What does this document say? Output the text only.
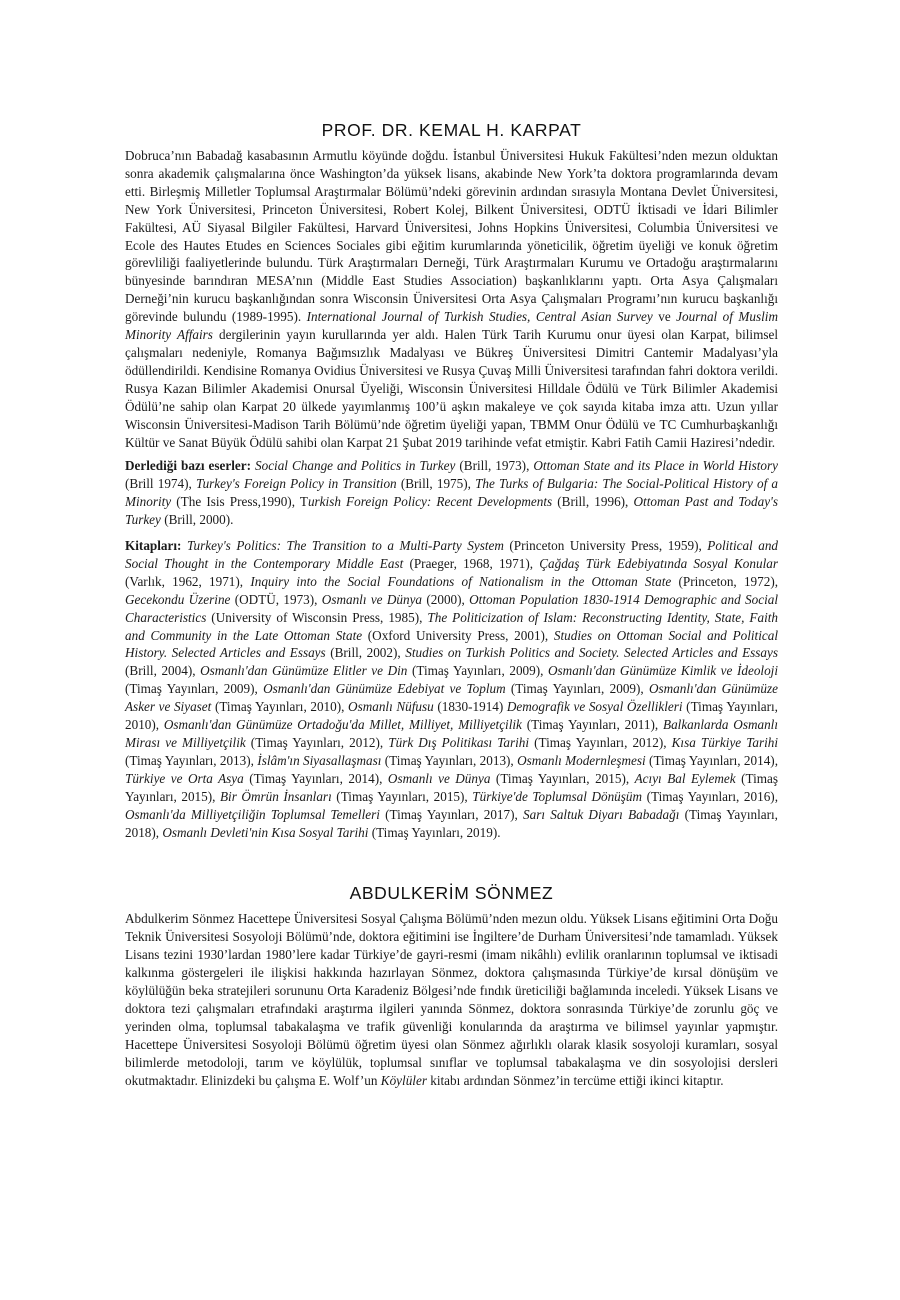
PROF. DR. KEMAL H. KARPAT

Dobruca’nın Babadağ kasabasının Armutlu köyünde doğdu. İstanbul Üniversitesi Hukuk Fakültesi’nden mezun olduktan sonra akademik çalışmalarına önce Washington’da yüksek lisans, akabinde New York’ta doktora programlarında devam etti. Birleşmiş Milletler Toplumsal Araştırmalar Bölümü’ndeki görevinin ardından sırasıyla Montana Devlet Üniversitesi, New York Üniversitesi, Princeton Üniversitesi, Robert Kolej, Bilkent Üniversitesi, ODTÜ İktisadi ve İdari Bilimler Fakültesi, AÜ Siyasal Bilgiler Fakültesi, Harvard Üniversitesi, Johns Hopkins Üniversitesi, Columbia Üniversitesi ve Ecole des Hautes Etudes en Sciences Sociales gibi eğitim kurumlarında yöneticilik, öğretim üyeliği ve konuk öğretim görevliliği faaliyetlerinde bulundu. Türk Araştırmaları Derneği, Türk Araştırmaları Kurumu ve Ortadoğu araştırmalarını bünyesinde barındıran MESA’nın (Middle East Studies Association) başkanlıklarını yaptı. Orta Asya Çalışmaları Derneği’nin kurucu başkanlığından sonra Wisconsin Üniversitesi Orta Asya Çalışmaları Programı’nın kurucu başkanlığı görevinde bulundu (1989-1995). International Journal of Turkish Studies, Central Asian Survey ve Journal of Muslim Minority Affairs dergilerinin yayın kurullarında yer aldı. Halen Türk Tarih Kurumu onur üyesi olan Karpat, bilimsel çalışmaları nedeniyle, Romanya Bağımsızlık Madalyası ve Bükreş Üniversitesi Dimitri Cantemir Madalyası’yla ödüllendirildi. Kendisine Romanya Ovidius Üniversitesi ve Rusya Çuvaş Milli Üniversitesi tarafından fahri doktora verildi. Rusya Kazan Bilimler Akademisi Onursal Üyeliği, Wisconsin Üniversitesi Hilldale Ödülü ve Türk Bilimler Akademisi Ödülü’ne sahip olan Karpat 20 ülkede yayımlanmış 100’ü aşkın makaleye ve çok sayıda kitaba imza attı. Uzun yıllar Wisconsin Üniversitesi-Madison Tarih Bölümü’nde öğretim üyeliği yapan, TBMM Onur Ödülü ve TC Cumhurbaşkanlığı Kültür ve Sanat Büyük Ödülü sahibi olan Karpat 21 Şubat 2019 tarihinde vefat etmiştir. Kabri Fatih Camii Haziresi’ndedir.

Derlediği bazı eserler: Social Change and Politics in Turkey (Brill, 1973), Ottoman State and its Place in World History (Brill 1974), Turkey's Foreign Policy in Transition (Brill, 1975), The Turks of Bulgaria: The Social-Political History of a Minority (The Isis Press,1990), Turkish Foreign Policy: Recent Developments (Brill, 1996), Ottoman Past and Today's Turkey (Brill, 2000).

Kitapları: Turkey's Politics: The Transition to a Multi-Party System (Princeton University Press, 1959), Political and Social Thought in the Contemporary Middle East (Praeger, 1968, 1971), Çağdaş Türk Edebiyatında Sosyal Konular (Varlık, 1962, 1971), Inquiry into the Social Foundations of Nationalism in the Ottoman State (Princeton, 1972), Gecekondu Üzerine (ODTÜ, 1973), Osmanlı ve Dünya (2000), Ottoman Population 1830-1914 Demographic and Social Characteristics (University of Wisconsin Press, 1985), The Politicization of Islam: Reconstructing Identity, State, Faith and Community in the Late Ottoman State (Oxford University Press, 2001), Studies on Ottoman Social and Political History. Selected Articles and Essays (Brill, 2002), Studies on Turkish Politics and Society. Selected Articles and Essays (Brill, 2004), Osmanlı'dan Günümüze Elitler ve Din (Timaş Yayınları, 2009), Osmanlı'dan Günümüze Kimlik ve İdeoloji (Timaş Yayınları, 2009), Osmanlı'dan Günümüze Edebiyat ve Toplum (Timaş Yayınları, 2009), Osmanlı'dan Günümüze Asker ve Siyaset (Timaş Yayınları, 2010), Osmanlı Nüfusu (1830-1914) Demografik ve Sosyal Özellikleri (Timaş Yayınları, 2010), Osmanlı'dan Günümüze Ortadoğu'da Millet, Milliyet, Milliyetçilik (Timaş Yayınları, 2011), Balkanlarda Osmanlı Mirası ve Milliyetçilik (Timaş Yayınları, 2012), Türk Dış Politikası Tarihi (Timaş Yayınları, 2012), Kısa Türkiye Tarihi (Timaş Yayınları, 2013), İslâm'ın Siyasallaşması (Timaş Yayınları, 2013), Osmanlı Modernleşmesi (Timaş Yayınları, 2014), Türkiye ve Orta Asya (Timaş Yayınları, 2014), Osmanlı ve Dünya (Timaş Yayınları, 2015), Acıyı Bal Eylemek (Timaş Yayınları, 2015), Bir Ömrün İnsanları (Timaş Yayınları, 2015), Türkiye'de Toplumsal Dönüşüm (Timaş Yayınları, 2016), Osmanlı'da Milliyetçiliğin Toplumsal Temelleri (Timaş Yayınları, 2017), Sarı Saltuk Diyarı Babadağı (Timaş Yayınları, 2018), Osmanlı Devleti'nin Kısa Sosyal Tarihi (Timaş Yayınları, 2019).

ABDULKERİM SÖNMEZ

Abdulkerim Sönmez Hacettepe Üniversitesi Sosyal Çalışma Bölümü’nden mezun oldu. Yüksek Lisans eğitimini Orta Doğu Teknik Üniversitesi Sosyoloji Bölümü’nde, doktora eğitimini ise İngiltere’de Durham Üniversitesi’nde tamamladı. Yüksek Lisans tezini 1930’lardan 1980’lere kadar Türkiye’de gayri-resmi (imam nikâhlı) evlilik oranlarının toplumsal ve iktisadi kalkınma göstergeleri ile ilişkisi hakkında hazırlayan Sönmez, doktora çalışmasında Türkiye’de kırsal dönüşüm ve köylülüğün beka stratejileri sorununu Orta Karadeniz Bölgesi’nde fındık üreticiliği bağlamında inceledi. Yüksek Lisans ve doktora tezi çalışmaları etrafındaki araştırma ilgileri yanında Sönmez, doktora sonrasında Türkiye’de zorunlu göç ve yerinden olma, toplumsal tabakalaşma ve trafik güvenliği konularında da araştırma ve bilimsel yayınlar yapmıştır. Hacettepe Üniversitesi Sosyoloji Bölümü öğretim üyesi olan Sönmez ağırlıklı olarak klasik sosyoloji kuramları, sosyal bilimlerde metodoloji, tarım ve köylülük, toplumsal sınıflar ve toplumsal tabakalaşma ve din sosyolojisi dersleri okutmaktadır. Elinizdeki bu çalışma E. Wolf’un Köylüler kitabı ardından Sönmez’in tercüme ettiği ikinci kitaptır.
